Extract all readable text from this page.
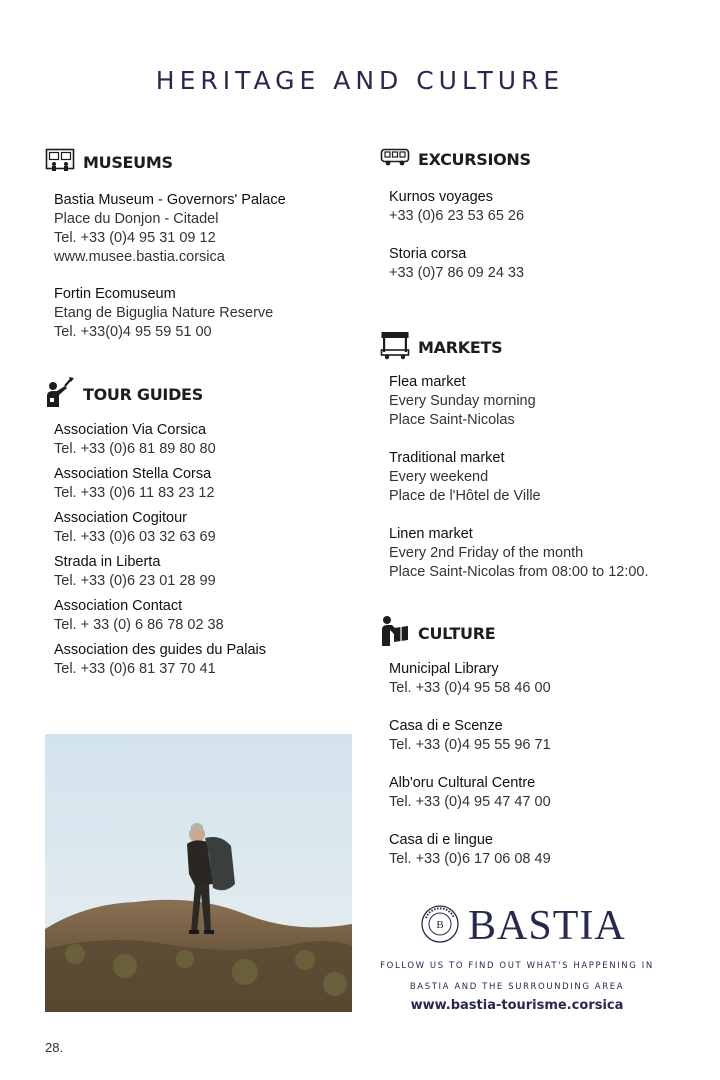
HERITAGE AND CULTURE
MUSEUMS
Bastia Museum - Governors' Palace
Place du Donjon - Citadel
Tel. +33 (0)4 95 31 09 12
www.musee.bastia.corsica
Fortin Ecomuseum
Etang de Biguglia Nature Reserve
Tel. +33(0)4 95 59 51 00
TOUR GUIDES
Association Via Corsica
Tel. +33 (0)6 81 89 80 80
Association Stella Corsa
Tel. +33 (0)6 11 83 23 12
Association Cogitour
Tel. +33 (0)6 03 32 63 69
Strada in Liberta
Tel. +33 (0)6 23 01 28 99
Association Contact
Tel. + 33 (0) 6 86 78 02 38
Association des guides du Palais
Tel. +33 (0)6 81 37 70 41
EXCURSIONS
Kurnos voyages
+33 (0)6 23 53 65 26
Storia corsa
+33 (0)7 86 09 24 33
MARKETS
Flea market
Every Sunday morning
Place Saint-Nicolas
Traditional market
Every weekend
Place de l'Hôtel de Ville
Linen market
Every 2nd Friday of the month
Place Saint-Nicolas from 08:00 to 12:00.
CULTURE
Municipal Library
Tel. +33 (0)4 95 58 46 00
Casa di e Scenze
Tel. +33 (0)4 95 55 96 71
Alb'oru Cultural Centre
Tel. +33 (0)4 95 47 47 00
Casa di e lingue
Tel. +33 (0)6 17 06 08 49
B BASTIA
FOLLOW US TO FIND OUT WHAT'S HAPPENING IN
BASTIA AND THE SURROUNDING AREA
www.bastia-tourisme.corsica
28.
